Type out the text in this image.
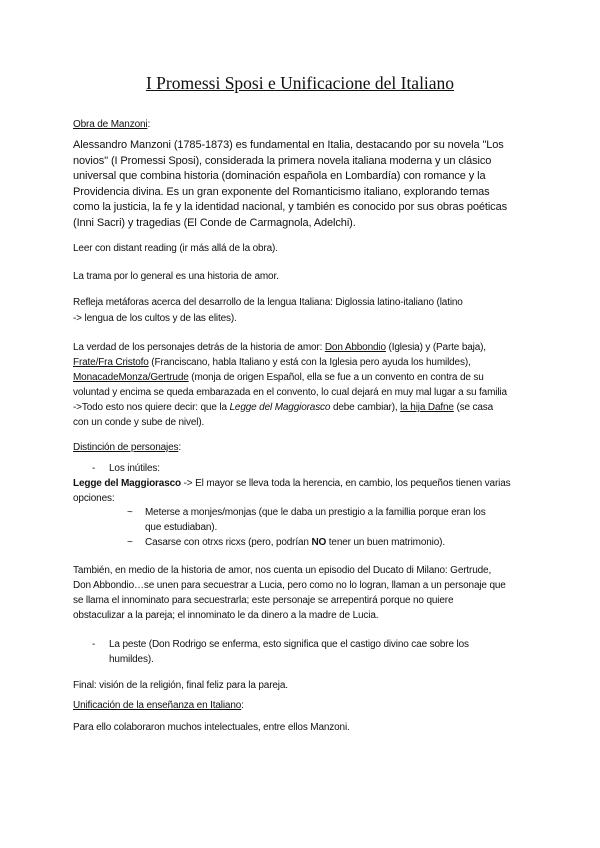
I Promessi Sposi e Unificacione del Italiano
Obra de Manzoni:
Alessandro Manzoni (1785-1873) es fundamental en Italia, destacando por su novela "Los
novios" (I Promessi Sposi), considerada la primera novela italiana moderna y un clásico
universal que combina historia (dominación española en Lombardía) con romance y la
Providencia divina. Es un gran exponente del Romanticismo italiano, explorando temas
como la justicia, la fe y la identidad nacional, y también es conocido por sus obras poéticas
(Inni Sacri) y tragedias (El Conde de Carmagnola, Adelchi).
Leer con distant reading (ir más allá de la obra).
La trama por lo general es una historia de amor.
Refleja metáforas acerca del desarrollo de la lengua Italiana: Diglossia latino-italiano (latino
-> lengua de los cultos y de las elites).
La verdad de los personajes detrás de la historia de amor: Don Abbondio (Iglesia) y (Parte baja),
Frate/Fra Cristofo (Franciscano, habla Italiano y está con la Iglesia pero ayuda los humildes),
MonacadeMonza/Gertrude (monja de origen Español, ella se fue a un convento en contra de su
voluntad y encima se queda embarazada en el convento, lo cual dejará en muy mal lugar a su familia
->Todo esto nos quiere decir: que la Legge del Maggiorasco debe cambiar), la hija Dafne (se casa
con un conde y sube de nivel).
Distinción de personajes:
- Los inútiles:
Legge del Maggiorasco -> El mayor se lleva toda la herencia, en cambio, los pequeños tienen varias
opciones:
~ Meterse a monjes/monjas (que le daba un prestigio a la famillia porque eran los
que estudiaban).
~ Casarse con otrxs ricxs (pero, podrían NO tener un buen matrimonio).
También, en medio de la historia de amor, nos cuenta un episodio del Ducato di Milano: Gertrude,
Don Abbondio…se unen para secuestrar a Lucia, pero como no lo logran, llaman a un personaje que
se llama el innominato para secuestrarla; este personaje se arrepentirá porque no quiere
obstaculizar a la pareja; el innominato le da dinero a la madre de Lucia.
- La peste (Don Rodrigo se enferma, esto significa que el castigo divino cae sobre los
humildes).
Final: visión de la religión, final feliz para la pareja.
Unificación de la enseñanza en Italiano:
Para ello colaboraron muchos intelectuales, entre ellos Manzoni.
